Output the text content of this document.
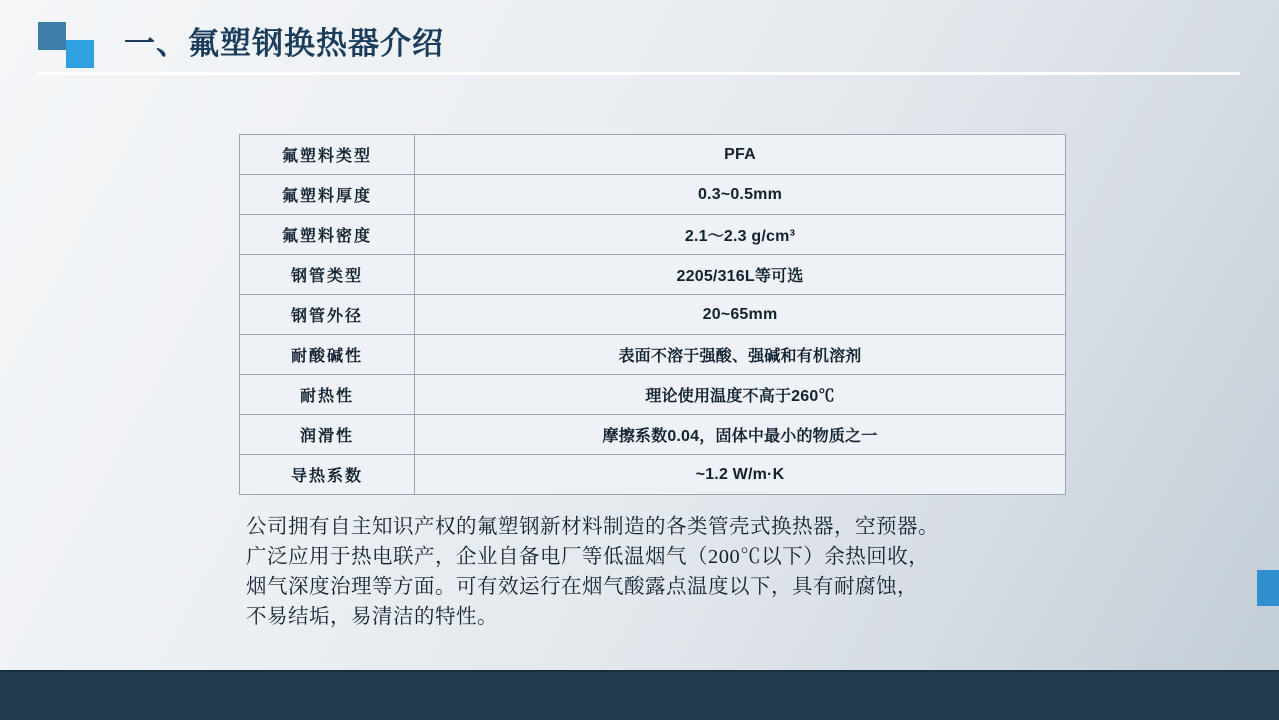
一、氟塑钢换热器介绍
氟塑料类型	PFA
氟塑料厚度	0.3~0.5mm
氟塑料密度	2.1～2.3 g/cm³
钢管类型	2205/316L等可选
钢管外径	20~65mm
耐酸碱性	表面不溶于强酸、强碱和有机溶剂
耐热性	理论使用温度不高于260℃
润滑性	摩擦系数0.04，固体中最小的物质之一
导热系数	~1.2 W/m·K

公司拥有自主知识产权的氟塑钢新材料制造的各类管壳式换热器，空预器。

广泛应用于热电联产，企业自备电厂等低温烟气（200℃以下）余热回收，

烟气深度治理等方面。可有效运行在烟气酸露点温度以下，具有耐腐蚀，

不易结垢，易清洁的特性。
